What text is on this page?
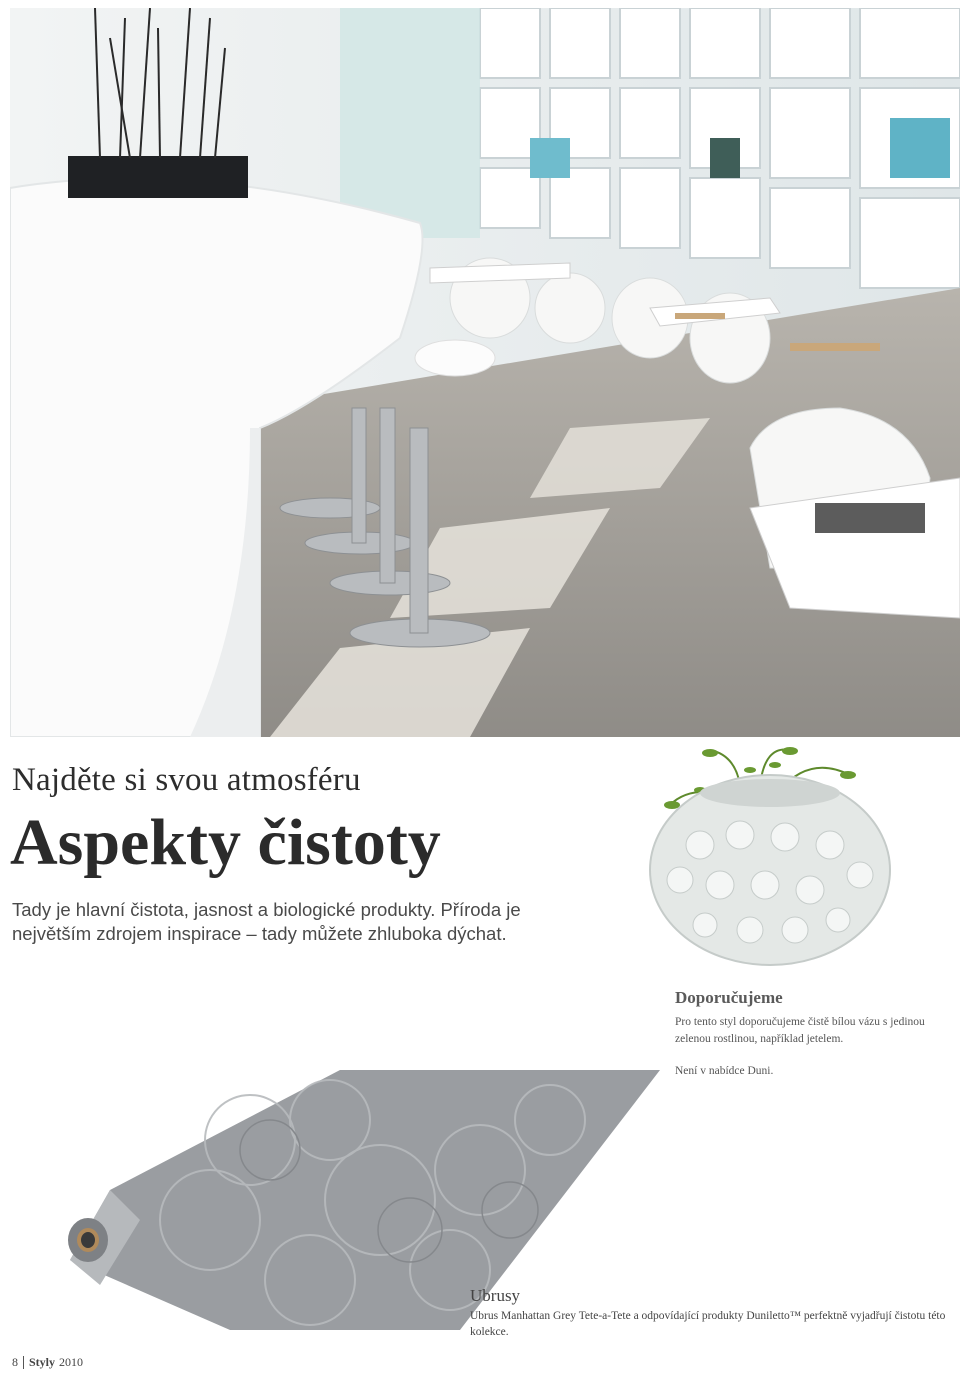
Najděte si svou atmosféru
Aspekty čistoty

Tady je hlavní čistota, jasnost a biologické produkty. Příroda je největším zdrojem inspirace – tady můžete zhluboka dýchat.

Doporučujeme
Pro tento styl doporučujeme čistě bílou vázu s jedinou zelenou rostlinou, například jetelem.
Není v nabídce Duni.
Ubrusy
Ubrus Manhattan Grey Tete-a-Tete a odpovídající produkty Duniletto™ perfektně vyjadřují čistotu této kolekce.
8 Styly 2010
